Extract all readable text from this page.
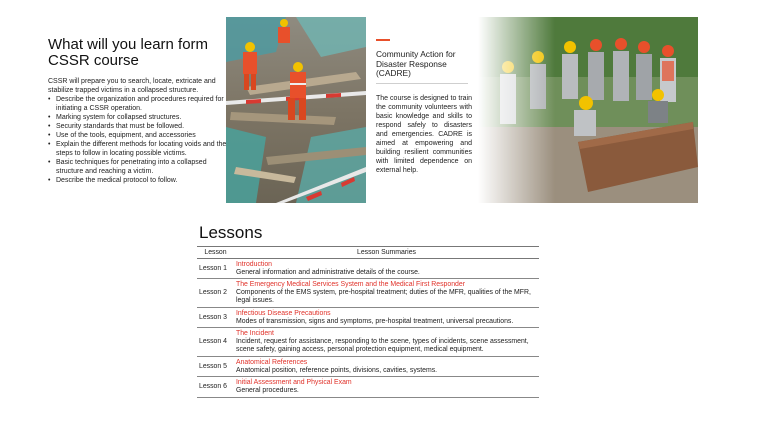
What will you learn form CSSR course
CSSR will prepare you to search, locate, extricate and stabilize trapped victims in a collapsed structure.
• Describe the organization and procedures required for initiating a CSSR operation.
• Marking system for collapsed structures.
• Security standards that must be followed.
• Use of the tools, equipment, and accessories
• Explain the different methods for locating voids and the steps to follow in locating possible victims.
• Basic techniques for penetrating into a collapsed structure and reaching a victim.
• Describe the medical protocol to follow.
Community Action for Disaster Response (CADRE)
The course is designed to train the community volunteers with basic knowledge and skills to respond safely to disasters and emergencies. CADRE is aimed at empowering and building resilient communities with limited dependence on external help.
Lessons
Lesson	Lesson Summaries
Lesson 1	Introduction
General information and administrative details of the course.

Lesson 2	The Emergency Medical Services System and the Medical First Responder
Components of the EMS system, pre-hospital treatment; duties of the MFR, qualities of the MFR, legal issues.

Lesson 3	Infectious Disease Precautions
Modes of transmission, signs and symptoms, pre-hospital treatment, universal precautions.

Lesson 4	The Incident
Incident, request for assistance, responding to the scene, types of incidents, scene assessment, scene safety, gaining access, personal protection equipment, medical equipment.

Lesson 5	Anatomical References
Anatomical position, reference points, divisions, cavities, systems.

Lesson 6	Initial Assessment and Physical Exam
General procedures.
